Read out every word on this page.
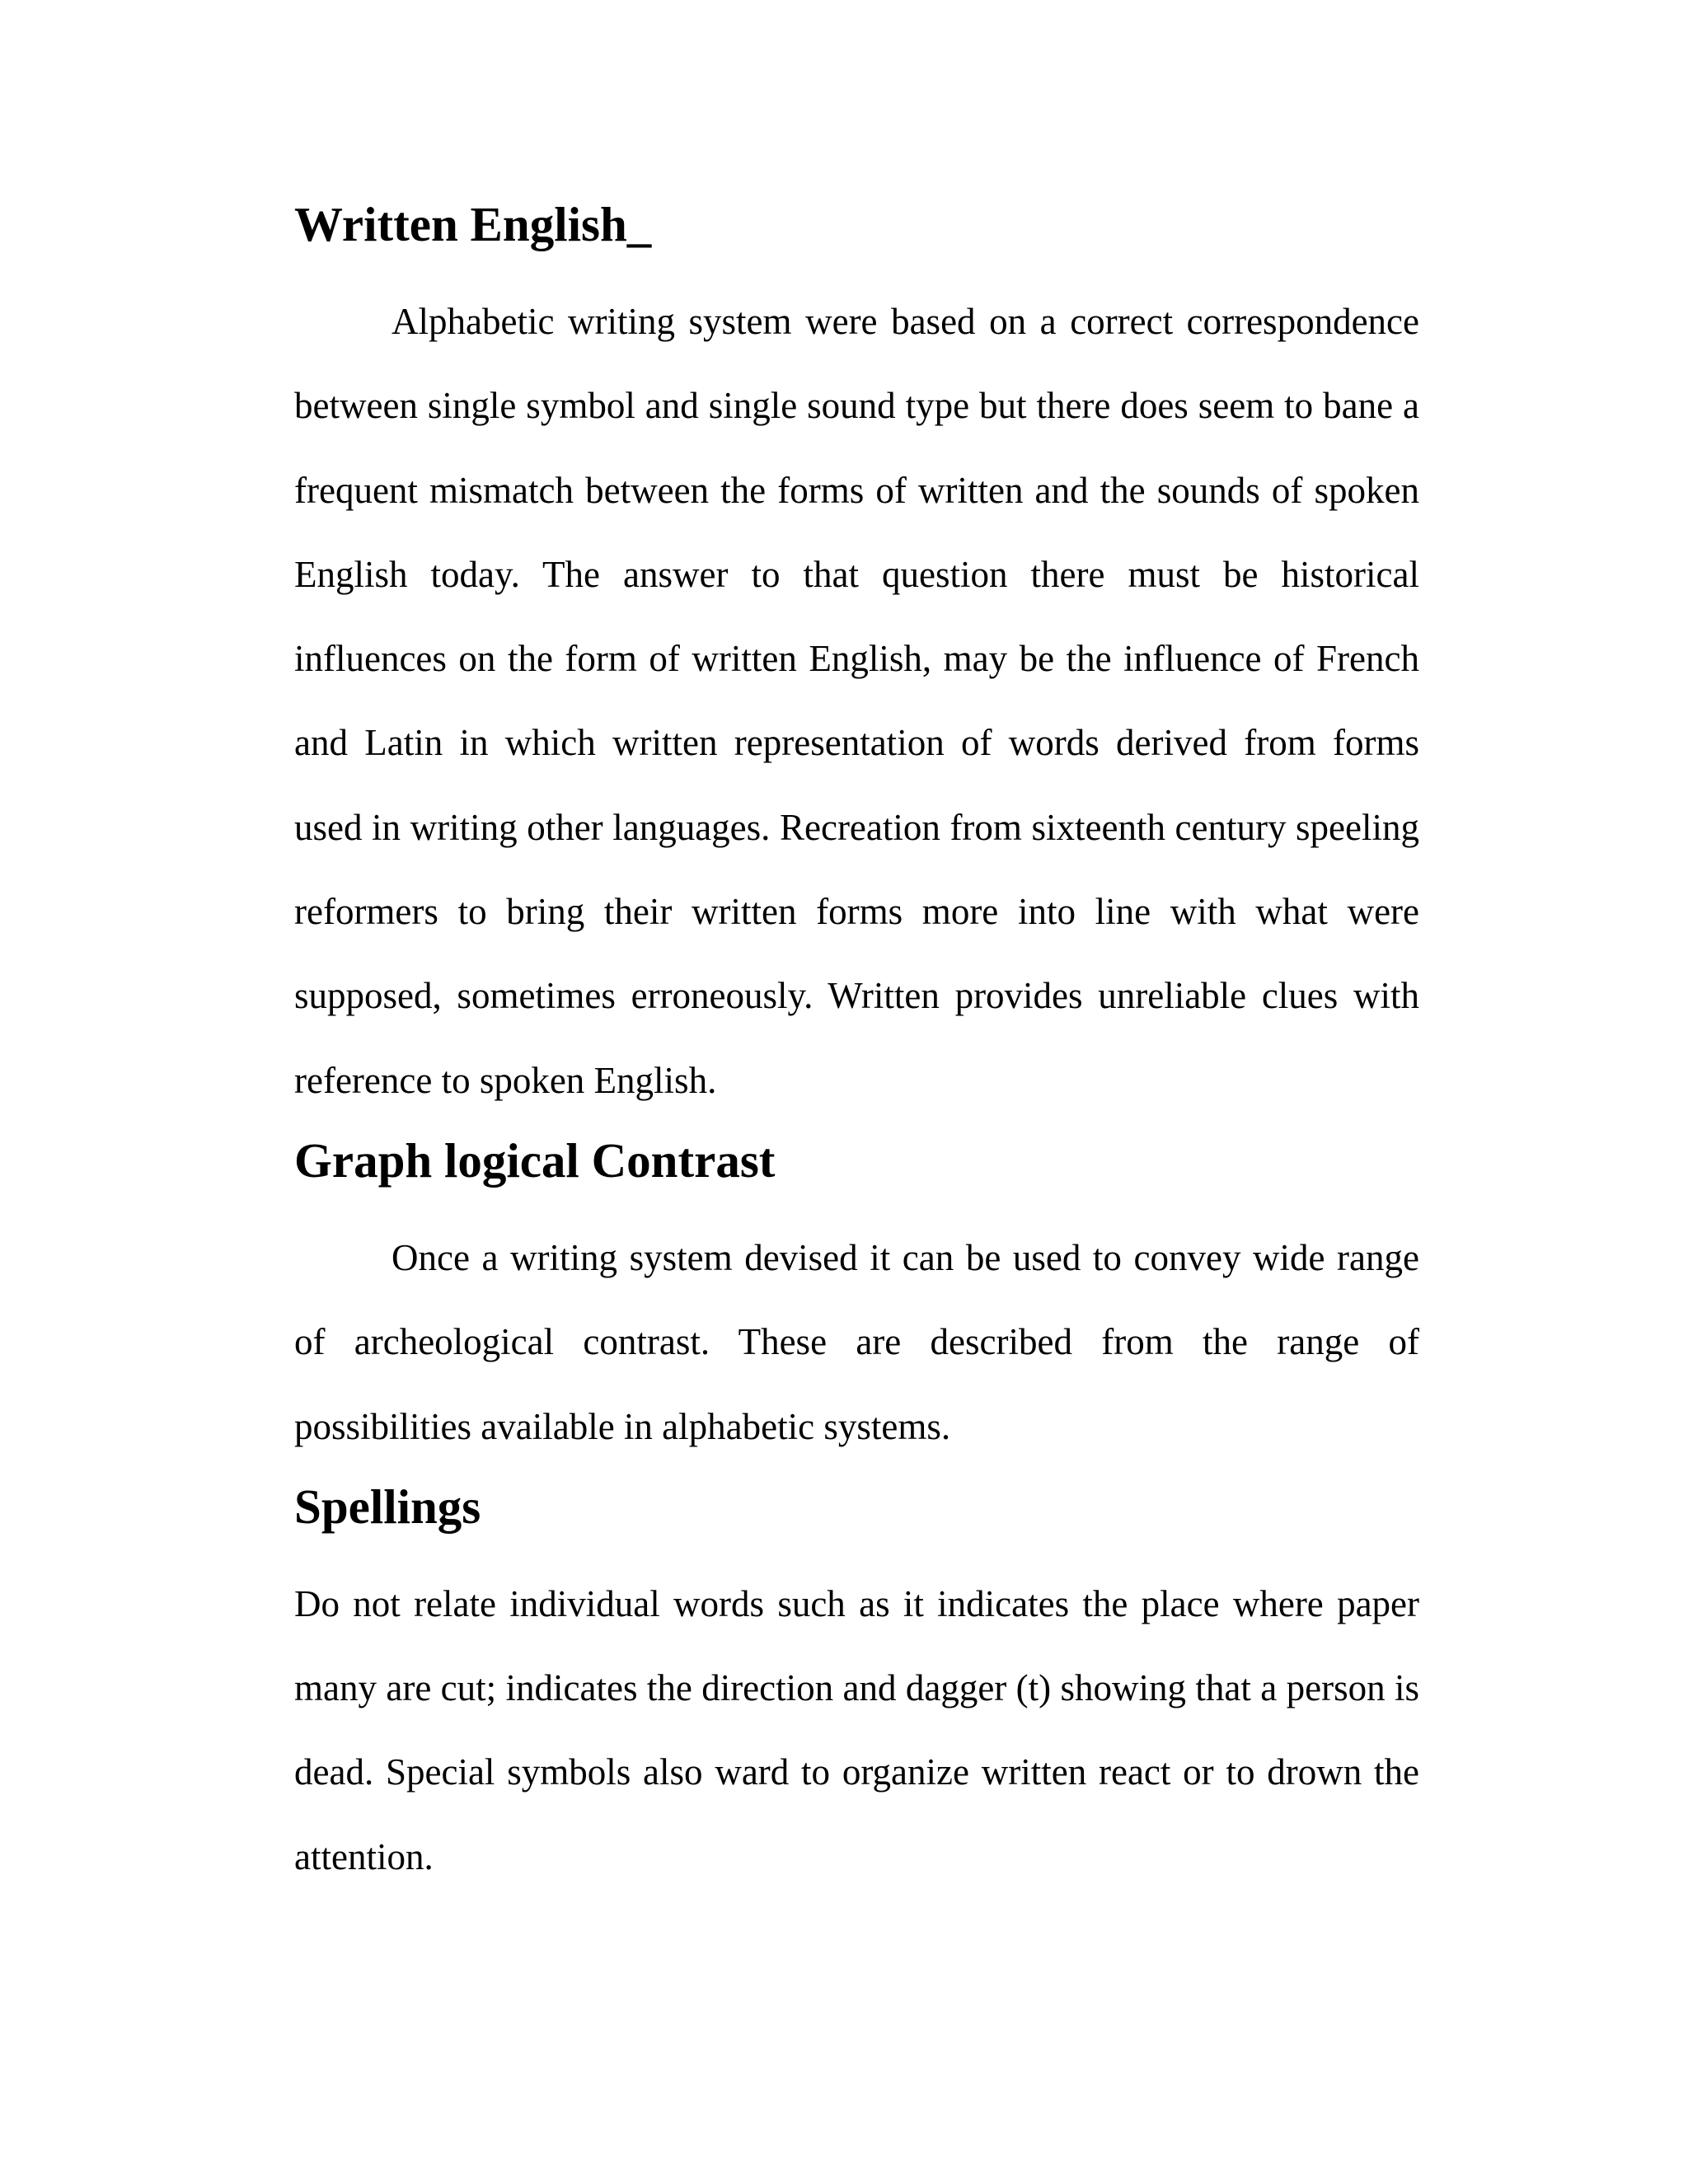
Written English_

Alphabetic writing system were based on a correct correspondence between single symbol and single sound type but there does seem to bane a frequent mismatch between the forms of written and the sounds of spoken English today. The answer to that question there must be historical influences on the form of written English, may be the influence of French and Latin in which written representation of words derived from forms used in writing other languages. Recreation from sixteenth century speeling reformers to bring their written forms more into line with what were supposed, sometimes erroneously. Written provides unreliable clues with reference to spoken English.

Graph logical Contrast

Once a writing system devised it can be used to convey wide range of archeological contrast. These are described from the range of possibilities available in alphabetic systems.

Spellings

Do not relate individual words such as it indicates the place where paper many are cut; indicates the direction and dagger (t) showing that a person is dead. Special symbols also ward to organize written react or to drown the attention.
